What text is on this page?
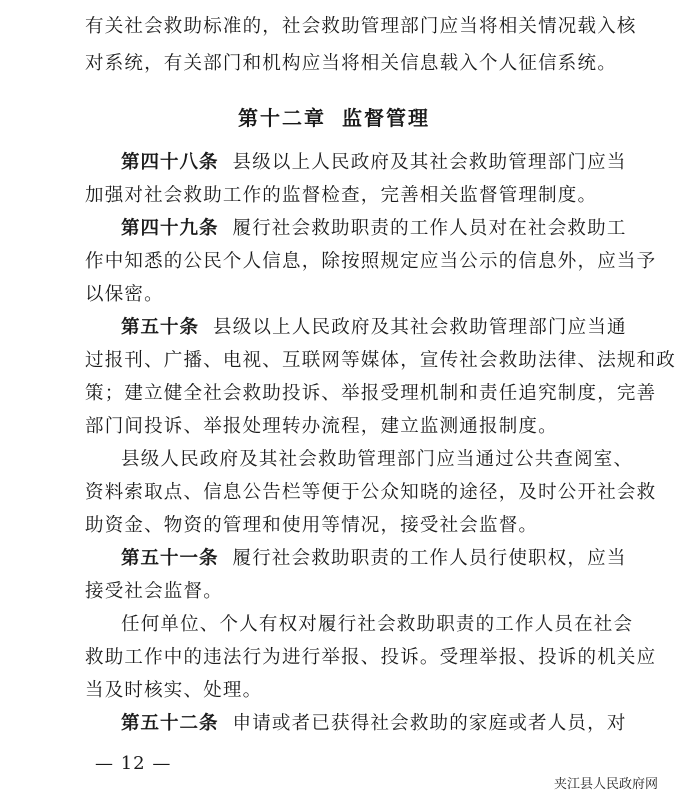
有关社会救助标准的，社会救助管理部门应当将相关情况载入核
对系统，有关部门和机构应当将相关信息载入个人征信系统。
第十二章 监督管理
第四十八条 县级以上人民政府及其社会救助管理部门应当
加强对社会救助工作的监督检查，完善相关监督管理制度。
第四十九条 履行社会救助职责的工作人员对在社会救助工
作中知悉的公民个人信息，除按照规定应当公示的信息外，应当予
以保密。
第五十条 县级以上人民政府及其社会救助管理部门应当通
过报刊、广播、电视、互联网等媒体，宣传社会救助法律、法规和政
策；建立健全社会救助投诉、举报受理机制和责任追究制度，完善
部门间投诉、举报处理转办流程，建立监测通报制度。
县级人民政府及其社会救助管理部门应当通过公共查阅室、
资料索取点、信息公告栏等便于公众知晓的途径，及时公开社会救
助资金、物资的管理和使用等情况，接受社会监督。
第五十一条 履行社会救助职责的工作人员行使职权，应当
接受社会监督。
任何单位、个人有权对履行社会救助职责的工作人员在社会
救助工作中的违法行为进行举报、投诉。受理举报、投诉的机关应
当及时核实、处理。
第五十二条 申请或者已获得社会救助的家庭或者人员，对
夹江县人民政府网
— 12 —
